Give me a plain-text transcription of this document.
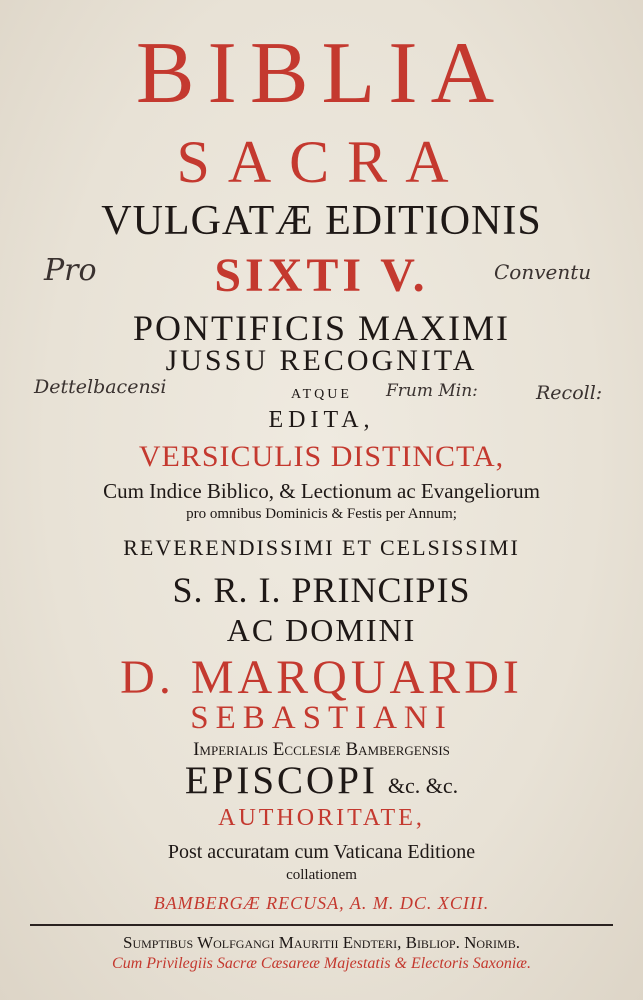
BIBLIA
SACRA
VULGATÆ EDITIONIS
SIXTI V.
PONTIFICIS MAXIMI
JUSSU RECOGNITA
ATQUE
EDITA,
VERSICULIS DISTINCTA,
Cum Indice Biblico, & Lectionum ac Evangeliorum
pro omnibus Dominicis & Festis per Annum;
REVERENDISSIMI ET CELSISSIMI
S. R. I. PRINCIPIS
AC DOMINI
D. MARQUARDI
SEBASTIANI
Imperialis Ecclesiæ Bambergensis
EPISCOPI &c. &c.
AUTHORITATE,
Post accuratam cum Vaticana Editione
collationem
BAMBERGÆ RECUSA, A. M. DC. XCIII.
Sumptibus Wolfgangi Mauritii Endteri, Bibliop. Norimb.
Cum Privilegiis Sacræ Cæsareæ Majestatis & Electoris Saxoniæ.
Pro	Conventu
Dettelbacensi	Frum Min:	Recoll:
